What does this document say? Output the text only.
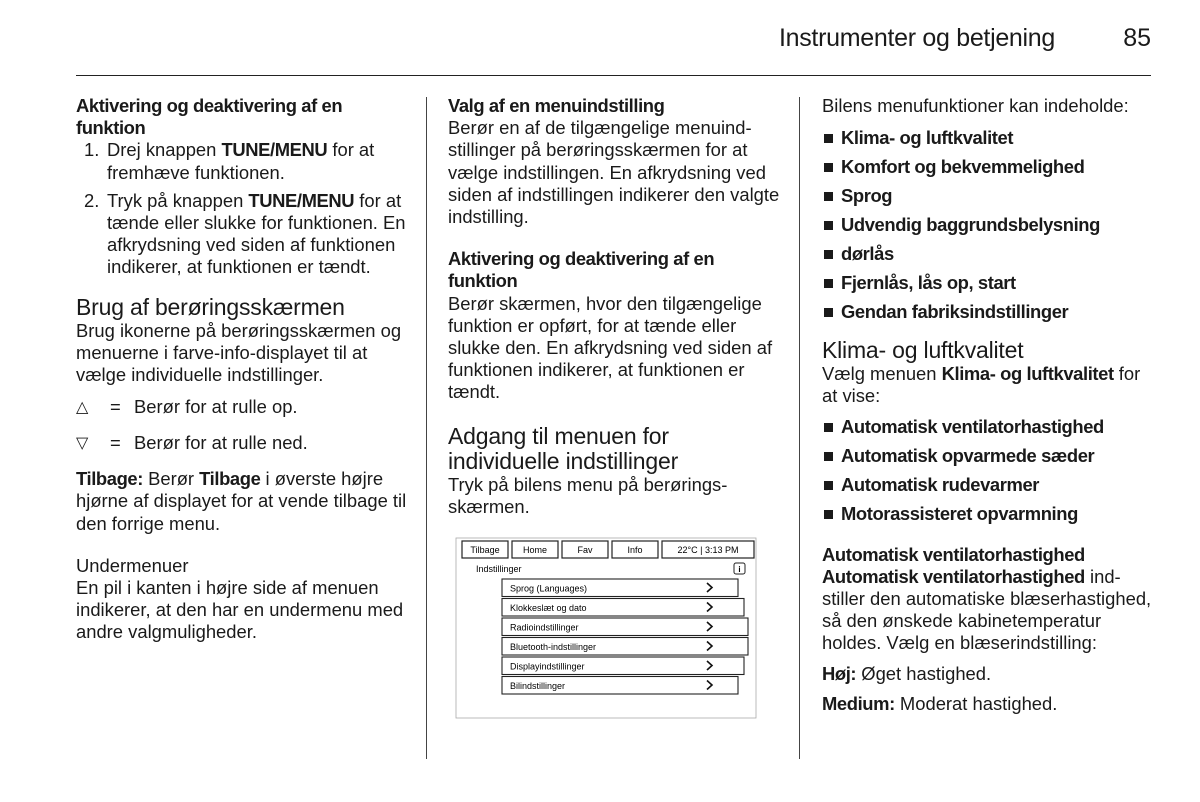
Instrumenter og betjening	85

Aktivering og deaktivering af en funktion

1. Drej knappen TUNE/MENU for at fremhæve funktionen.
2. Tryk på knappen TUNE/MENU for at tænde eller slukke for funktionen. En afkrydsning ved siden af funktionen indikerer, at funktionen er tændt.
Brug af berøringsskærmen

Brug ikonerne på berøringsskærmen og menuerne i farve-info-displayet til at vælge individuelle indstillinger.

△	= Berør for at rulle op.
▽	= Berør for at rulle ned.

Tilbage: Berør Tilbage i øverste højre hjørne af displayet for at vende tilbage til den forrige menu.

Undermenuer

En pil i kanten i højre side af menuen indikerer, at den har en undermenu med andre valgmuligheder.

Valg af en menuindstilling

Berør en af de tilgængelige menuindstillinger på berøringsskærmen for at vælge indstillingen. En afkrydsning ved siden af indstillingen indikerer den valgte indstilling.

Aktivering og deaktivering af en funktion

Berør skærmen, hvor den tilgængelige funktion er opført, for at tænde eller slukke den. En afkrydsning ved siden af funktionen indikerer, at funktionen er tændt.

Adgang til menuen for individuelle indstillinger

Tryk på bilens menu på berøringsskærmen.

Tilbage	Home	Fav	Info	22°C | 3:13 PM
Indstillinger	i
Sprog (Languages)
Klokkeslæt og dato
Radioindstillinger
Bluetooth-indstillinger
Displayindstillinger
Bilindstillinger

Bilens menufunktioner kan indeholde:

Klima- og luftkvalitet
Komfort og bekvemmelighed
Sprog
Udvendig baggrundsbelysning
dørlås
Fjernlås, lås op, start
Gendan fabriksindstillinger
Klima- og luftkvalitet

Vælg menuen Klima- og luftkvalitet for at vise:

Automatisk ventilatorhastighed
Automatisk opvarmede sæder
Automatisk rudevarmer
Motorassisteret opvarmning

Automatisk ventilatorhastighed

Automatisk ventilatorhastighed indstiller den automatiske blæserhastighed, så den ønskede kabinetemperatur holdes. Vælg en blæserindstilling:

Høj: Øget hastighed.

Medium: Moderat hastighed.
